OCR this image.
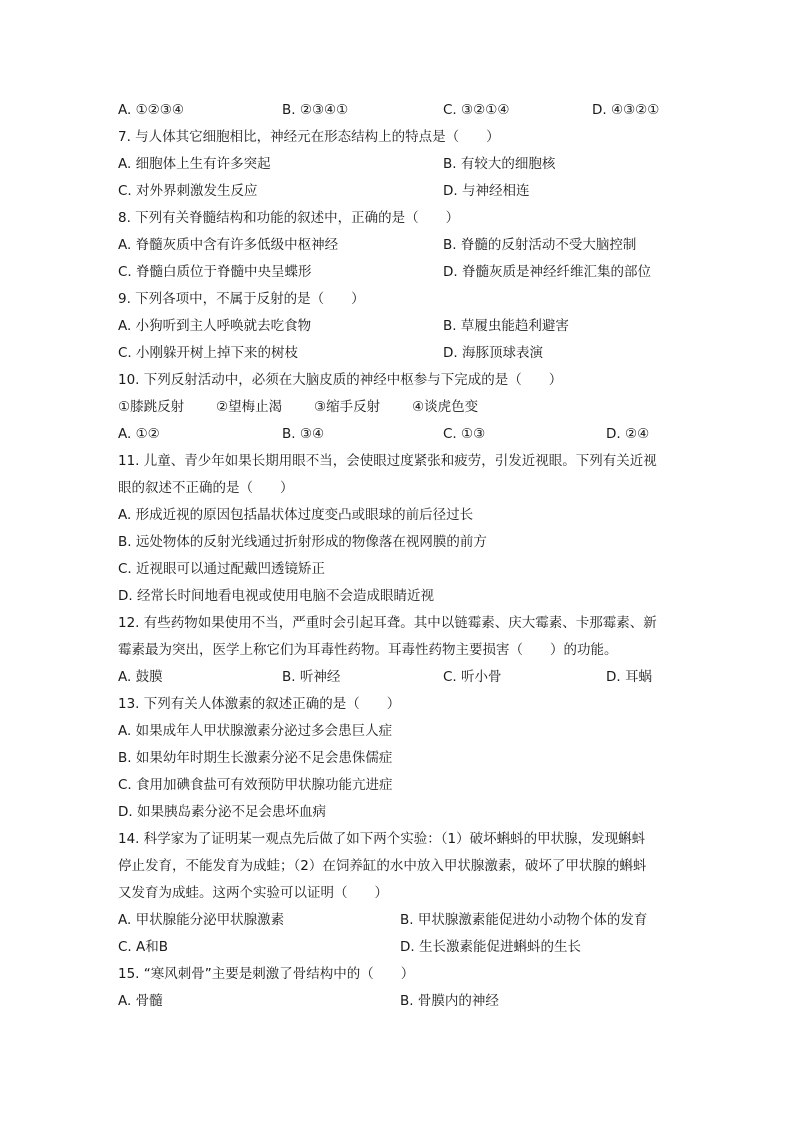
A. ①②③④	B. ②③④①	C. ③②①④	D. ④③②①
7. 与人体其它细胞相比，神经元在形态结构上的特点是（　　）
A. 细胞体上生有许多突起	B. 有较大的细胞核
C. 对外界刺激发生反应	D. 与神经相连
8. 下列有关脊髓结构和功能的叙述中，正确的是（　　）
A. 脊髓灰质中含有许多低级中枢神经	B. 脊髓的反射活动不受大脑控制
C. 脊髓白质位于脊髓中央呈蝶形	D. 脊髓灰质是神经纤维汇集的部位
9. 下列各项中，不属于反射的是（　　）
A. 小狗听到主人呼唤就去吃食物	B. 草履虫能趋利避害
C. 小刚躲开树上掉下来的树枝	D. 海豚顶球表演
10. 下列反射活动中，必须在大脑皮质的神经中枢参与下完成的是（　　）
①膝跳反射 ②望梅止渴 ③缩手反射 ④谈虎色变
A. ①②	B. ③④	C. ①③	D. ②④
11. 儿童、青少年如果长期用眼不当，会使眼过度紧张和疲劳，引发近视眼。下列有关近视
眼的叙述不正确的是（　　）
A. 形成近视的原因包括晶状体过度变凸或眼球的前后径过长
B. 远处物体的反射光线通过折射形成的物像落在视网膜的前方
C. 近视眼可以通过配戴凹透镜矫正
D. 经常长时间地看电视或使用电脑不会造成眼睛近视
12. 有些药物如果使用不当，严重时会引起耳聋。其中以链霉素、庆大霉素、卡那霉素、新
霉素最为突出，医学上称它们为耳毒性药物。耳毒性药物主要损害（　　）的功能。
A. 鼓膜	B. 听神经	C. 听小骨	D. 耳蜗
13. 下列有关人体激素的叙述正确的是（　　）
A. 如果成年人甲状腺激素分泌过多会患巨人症
B. 如果幼年时期生长激素分泌不足会患侏儒症
C. 食用加碘食盐可有效预防甲状腺功能亢进症
D. 如果胰岛素分泌不足会患坏血病
14. 科学家为了证明某一观点先后做了如下两个实验：（1）破坏蝌蚪的甲状腺，发现蝌蚪
停止发育，不能发育为成蛙；（2）在饲养缸的水中放入甲状腺激素，破坏了甲状腺的蝌蚪
又发育为成蛙。这两个实验可以证明（　　）
A. 甲状腺能分泌甲状腺激素	B. 甲状腺激素能促进幼小动物个体的发育
C. A和B	D. 生长激素能促进蝌蚪的生长
15. “寒风刺骨”主要是刺激了骨结构中的（　　）
A. 骨髓	B. 骨膜内的神经
